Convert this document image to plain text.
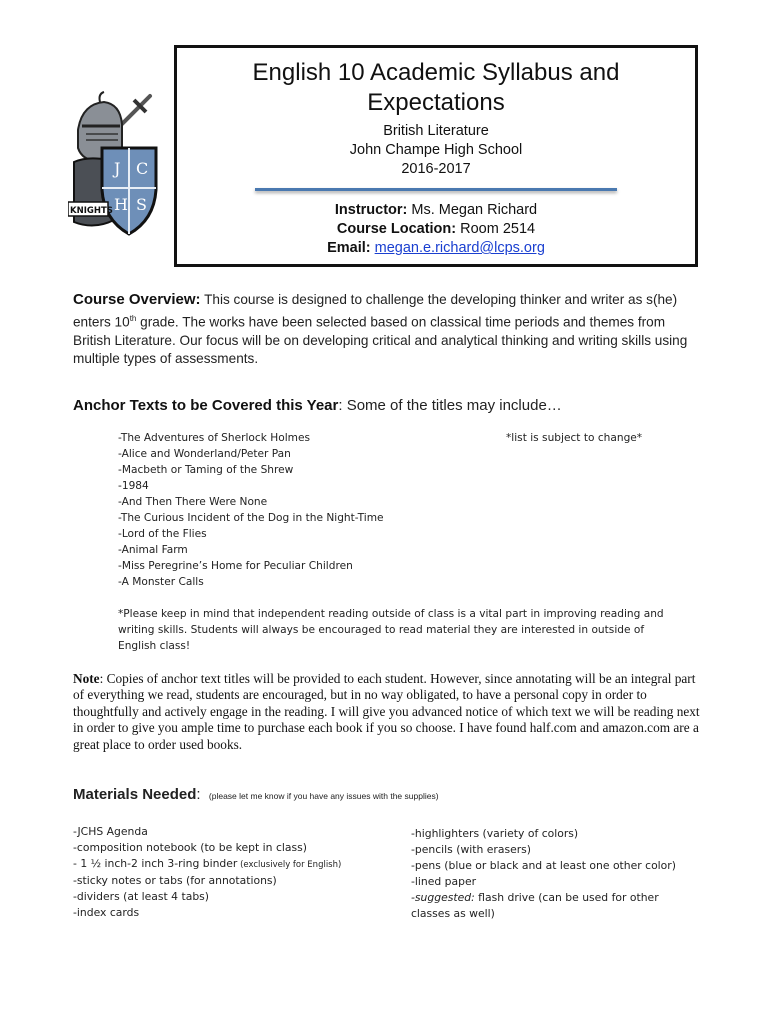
J C
H S
KNIGHTS
English 10 Academic Syllabus and Expectations
British Literature
John Champe High School
2016-2017
Instructor: Ms. Megan Richard
Course Location: Room 2514
Email: megan.e.richard@lcps.org
Course Overview: This course is designed to challenge the developing thinker and writer as s(he) enters 10th grade. The works have been selected based on classical time periods and themes from British Literature. Our focus will be on developing critical and analytical thinking and writing skills using multiple types of assessments.
Anchor Texts to be Covered this Year: Some of the titles may include…
*list is subject to change*
-The Adventures of Sherlock Holmes
-Alice and Wonderland/Peter Pan
-Macbeth or Taming of the Shrew
-1984
-And Then There Were None
-The Curious Incident of the Dog in the Night-Time
-Lord of the Flies
-Animal Farm
-Miss Peregrine’s Home for Peculiar Children
-A Monster Calls
*Please keep in mind that independent reading outside of class is a vital part in improving reading and writing skills. Students will always be encouraged to read material they are interested in outside of English class!
Note: Copies of anchor text titles will be provided to each student. However, since annotating will be an integral part of everything we read, students are encouraged, but in no way obligated, to have a personal copy in order to thoughtfully and actively engage in the reading. I will give you advanced notice of which text we will be reading next in order to give you ample time to purchase each book if you so choose. I have found half.com and amazon.com are a great place to order used books.
Materials Needed: (please let me know if you have any issues with the supplies)
-JCHS Agenda
-composition notebook (to be kept in class)
- 1 ½ inch-2 inch 3-ring binder (exclusively for English)
-sticky notes or tabs (for annotations)
-dividers (at least 4 tabs)
-index cards
-highlighters (variety of colors)
-pencils (with erasers)
-pens (blue or black and at least one other color)
-lined paper
-suggested: flash drive (can be used for other classes as well)
